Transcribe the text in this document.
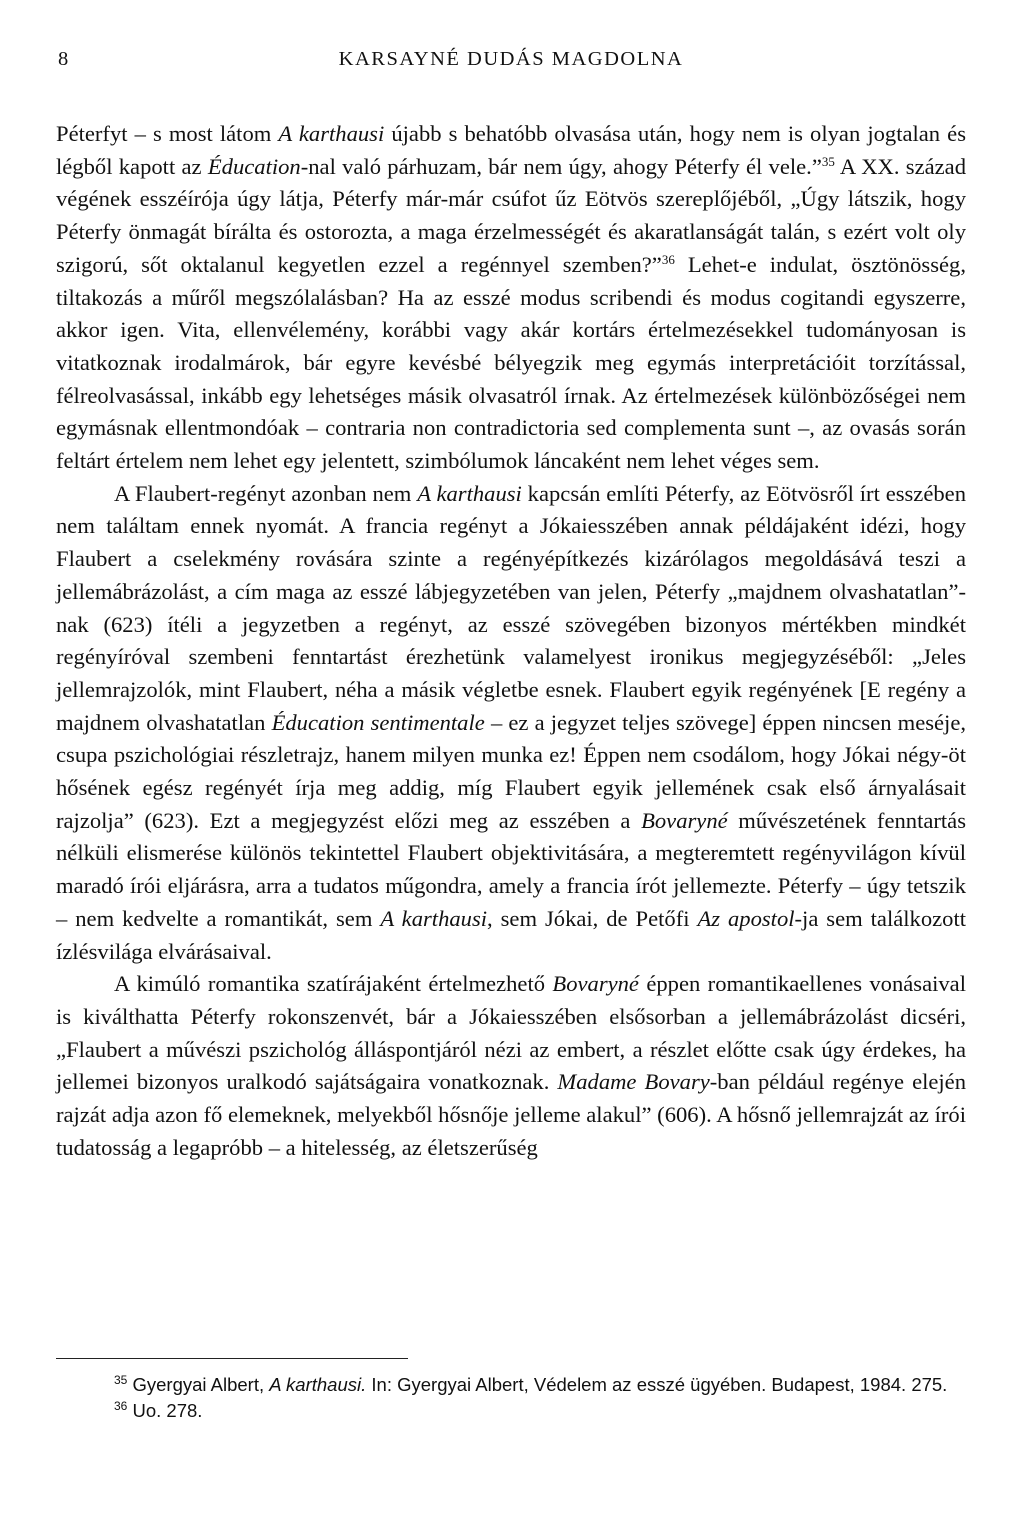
8	KARSAYNÉ DUDÁS MAGDOLNA

Péterfyt – s most látom A karthausi újabb s behatóbb olvasása után, hogy nem is olyan jogtalan és légből kapott az Éducation-nal való párhuzam, bár nem úgy, ahogy Péterfy él vele.”$^{35}$ A XX. század végének esszéírója úgy látja, Péterfy már-már csúfot űz Eötvös szereplőjéből, „Úgy látszik, hogy Péterfy önmagát bírálta és ostorozta, a maga érzelmességét és akaratlanságát talán, s ezért volt oly szigorú, sőt oktalanul kegyetlen ezzel a regénnyel szemben?”$^{36}$ Lehet-e indulat, ösztönösség, tiltakozás a műről megszólalásban? Ha az esszé modus scribendi és modus cogitandi egyszerre, akkor igen. Vita, ellenvélemény, korábbi vagy akár kortárs értelmezésekkel tudományosan is vitatkoznak irodalmárok, bár egyre kevésbé bélyegzik meg egymás interpretációit torzítással, félreolvasással, inkább egy lehetséges másik olvasatról írnak. Az értelmezések különbözőségei nem egymásnak ellentmondóak – contraria non contradictoria sed complementa sunt –, az ovasás során feltárt értelem nem lehet egy jelentett, szimbólumok láncaként nem lehet véges sem.

A Flaubert-regényt azonban nem A karthausi kapcsán említi Péterfy, az Eötvösről írt esszében nem találtam ennek nyomát. A francia regényt a Jókaiesszében annak példájaként idézi, hogy Flaubert a cselekmény rovására szinte a regényépítkezés kizárólagos megoldásává teszi a jellemábrázolást, a cím maga az esszé lábjegyzetében van jelen, Péterfy „majdnem olvashatatlan”-nak (623) ítéli a jegyzetben a regényt, az esszé szövegében bizonyos mértékben mindkét regényíróval szembeni fenntartást érezhetünk valamelyest ironikus megjegyzéséből: „Jeles jellemrajzolók, mint Flaubert, néha a másik végletbe esnek. Flaubert egyik regényének [E regény a majdnem olvashatatlan Éducation sentimentale – ez a jegyzet teljes szövege] éppen nincsen meséje, csupa pszichológiai részletrajz, hanem milyen munka ez! Éppen nem csodálom, hogy Jókai négy-öt hősének egész regényét írja meg addig, míg Flaubert egyik jellemének csak első árnyalásait rajzolja” (623). Ezt a megjegyzést előzi meg az esszében a Bovaryné művészetének fenntartás nélküli elismerése különös tekintettel Flaubert objektivitására, a megteremtett regényvilágon kívül maradó írói eljárásra, arra a tudatos műgondra, amely a francia írót jellemezte. Péterfy – úgy tetszik – nem kedvelte a romantikát, sem A karthausi, sem Jókai, de Petőfi Az apostol-ja sem találkozott ízlésvilága elvárásaival.

A kimúló romantika szatírájaként értelmezhető Bovaryné éppen romantikaellenes vonásaival is kiválthatta Péterfy rokonszenvét, bár a Jókaiesszében elsősorban a jellemábrázolást dicséri, „Flaubert a művészi pszichológ álláspontjáról nézi az embert, a részlet előtte csak úgy érdekes, ha jellemei bizonyos uralkodó sajátságaira vonatkoznak. Madame Bovary-ban például regénye elején rajzát adja azon fő elemeknek, melyekből hősnője jelleme alakul” (606). A hősnő jellemrajzát az írói tudatosság a legapróbb – a hitelesség, az életszerűség

$^{35}$ Gyergyai Albert, A karthausi. In: Gyergyai Albert, Védelem az esszé ügyében. Budapest, 1984. 275.

$^{36}$ Uo. 278.
